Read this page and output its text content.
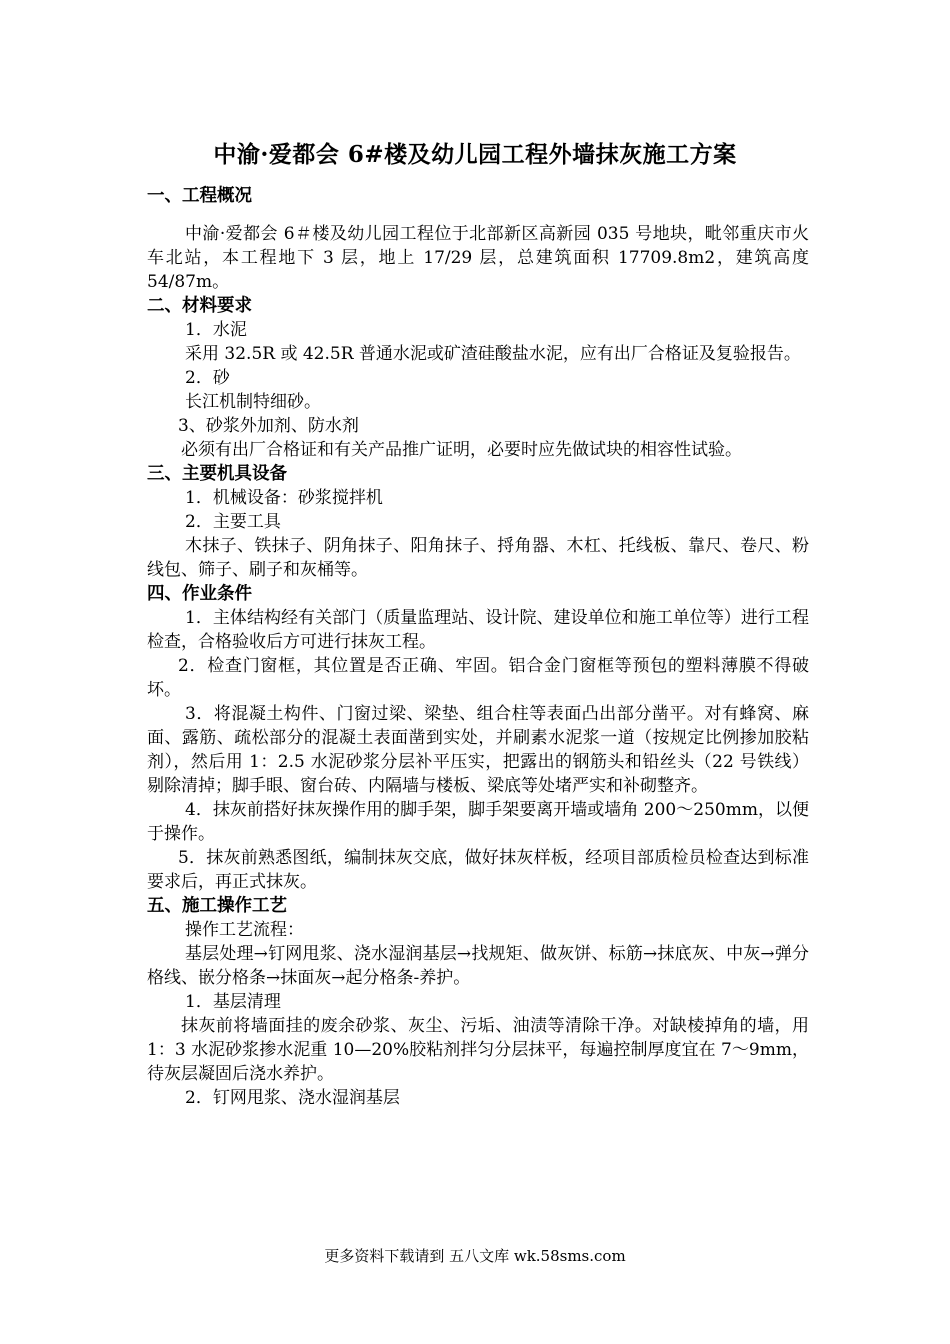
中渝·爱都会 6#楼及幼儿园工程外墙抹灰施工方案

一、工程概况

中渝·爱都会 6＃楼及幼儿园工程位于北部新区高新园 035 号地块，毗邻重庆市火车北站，本工程地下 3 层，地上 17/29 层，总建筑面积 17709.8m2，建筑高度 54/87m。

二、材料要求

1．水泥

采用 32.5R 或 42.5R 普通水泥或矿渣硅酸盐水泥，应有出厂合格证及复验报告。

2．砂

长江机制特细砂。

3、砂浆外加剂、防水剂

必须有出厂合格证和有关产品推广证明，必要时应先做试块的相容性试验。

三、主要机具设备

1．机械设备：砂浆搅拌机

2．主要工具

木抹子、铁抹子、阴角抹子、阳角抹子、捋角器、木杠、托线板、靠尺、卷尺、粉线包、筛子、刷子和灰桶等。

四、作业条件

1．主体结构经有关部门（质量监理站、设计院、建设单位和施工单位等）进行工程检查，合格验收后方可进行抹灰工程。

2．检查门窗框，其位置是否正确、牢固。铝合金门窗框等预包的塑料薄膜不得破坏。

3．将混凝土构件、门窗过梁、梁垫、组合柱等表面凸出部分凿平。对有蜂窝、麻面、露筋、疏松部分的混凝土表面凿到实处，并刷素水泥浆一道（按规定比例掺加胶粘剂），然后用 1：2.5 水泥砂浆分层补平压实，把露出的钢筋头和铅丝头（22 号铁线）剔除清掉；脚手眼、窗台砖、内隔墙与楼板、梁底等处堵严实和补砌整齐。

4．抹灰前搭好抹灰操作用的脚手架，脚手架要离开墙或墙角 200～250mm，以便于操作。

5．抹灰前熟悉图纸，编制抹灰交底，做好抹灰样板，经项目部质检员检查达到标准要求后，再正式抹灰。

五、施工操作工艺

操作工艺流程：

基层处理→钉网甩浆、浇水湿润基层→找规矩、做灰饼、标筋→抹底灰、中灰→弹分格线、嵌分格条→抹面灰→起分格条-养护。

1．基层清理

抹灰前将墙面挂的废余砂浆、灰尘、污垢、油渍等清除干净。对缺棱掉角的墙，用 1：3 水泥砂浆掺水泥重 10—20%胶粘剂拌匀分层抹平，每遍控制厚度宜在 7～9mm，待灰层凝固后浇水养护。

2．钉网甩浆、浇水湿润基层

更多资料下载请到 五八文库 wk.58sms.com
